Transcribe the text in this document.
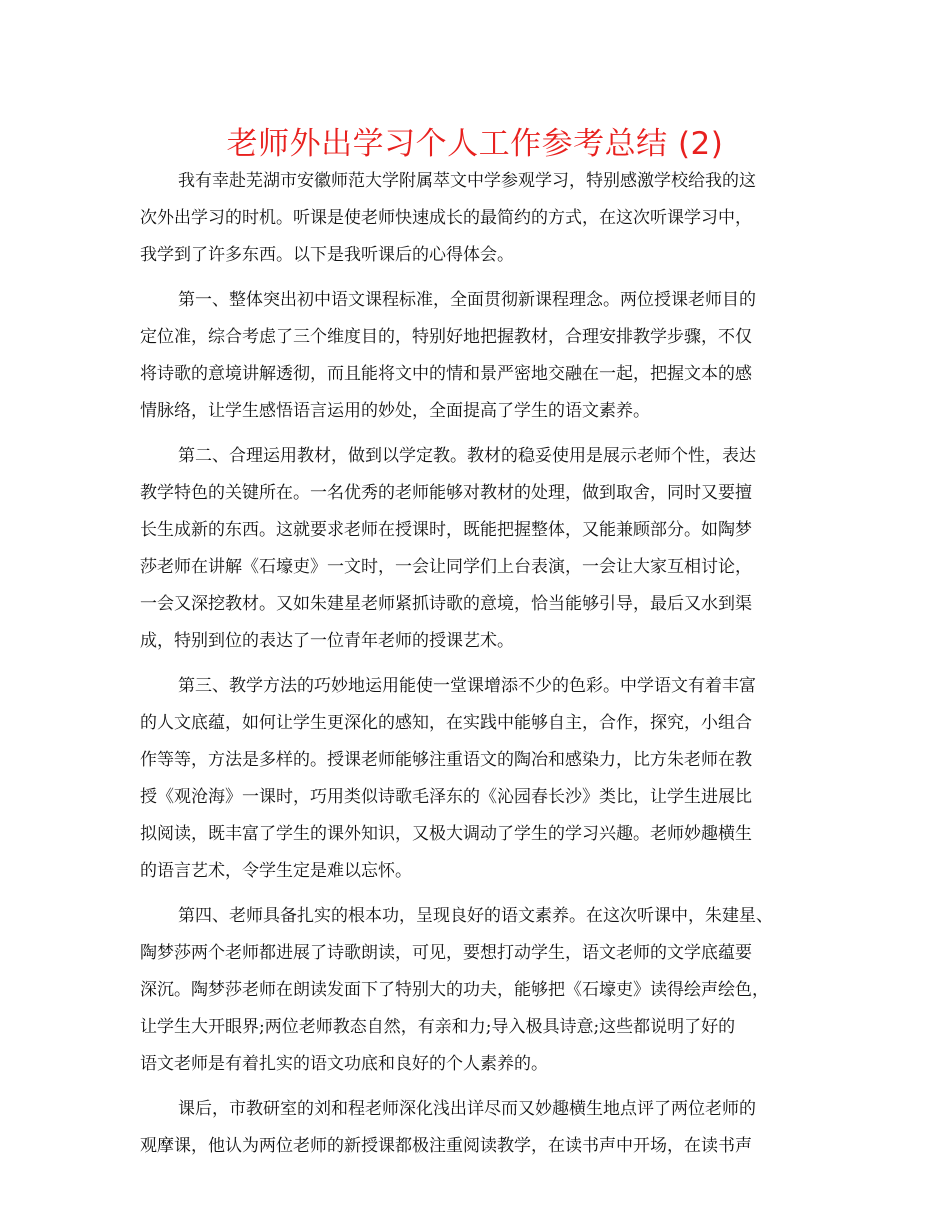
老师外出学习个人工作参考总结 (2)
我有幸赴芜湖市安徽师范大学附属萃文中学参观学习，特别感激学校给我的这
次外出学习的时机。听课是使老师快速成长的最简约的方式，在这次听课学习中，
我学到了许多东西。以下是我听课后的心得体会。
第一、整体突出初中语文课程标准，全面贯彻新课程理念。两位授课老师目的
定位准，综合考虑了三个维度目的，特别好地把握教材，合理安排教学步骤，不仅
将诗歌的意境讲解透彻，而且能将文中的情和景严密地交融在一起，把握文本的感
情脉络，让学生感悟语言运用的妙处，全面提高了学生的语文素养。
第二、合理运用教材，做到以学定教。教材的稳妥使用是展示老师个性，表达
教学特色的关键所在。一名优秀的老师能够对教材的处理，做到取舍，同时又要擅
长生成新的东西。这就要求老师在授课时，既能把握整体，又能兼顾部分。如陶梦
莎老师在讲解《石壕吏》一文时，一会让同学们上台表演，一会让大家互相讨论，
一会又深挖教材。又如朱建星老师紧抓诗歌的意境，恰当能够引导，最后又水到渠
成，特别到位的表达了一位青年老师的授课艺术。
第三、教学方法的巧妙地运用能使一堂课增添不少的色彩。中学语文有着丰富
的人文底蕴，如何让学生更深化的感知，在实践中能够自主，合作，探究，小组合
作等等，方法是多样的。授课老师能够注重语文的陶冶和感染力，比方朱老师在教
授《观沧海》一课时，巧用类似诗歌毛泽东的《沁园春长沙》类比，让学生进展比
拟阅读，既丰富了学生的课外知识，又极大调动了学生的学习兴趣。老师妙趣横生
的语言艺术，令学生定是难以忘怀。
第四、老师具备扎实的根本功，呈现良好的语文素养。在这次听课中，朱建星、
陶梦莎两个老师都进展了诗歌朗读，可见，要想打动学生，语文老师的文学底蕴要
深沉。陶梦莎老师在朗读发面下了特别大的功夫，能够把《石壕吏》读得绘声绘色，
让学生大开眼界;两位老师教态自然，有亲和力;导入极具诗意;这些都说明了好的
语文老师是有着扎实的语文功底和良好的个人素养的。
课后，市教研室的刘和程老师深化浅出详尽而又妙趣横生地点评了两位老师的
观摩课，他认为两位老师的新授课都极注重阅读教学，在读书声中开场，在读书声
